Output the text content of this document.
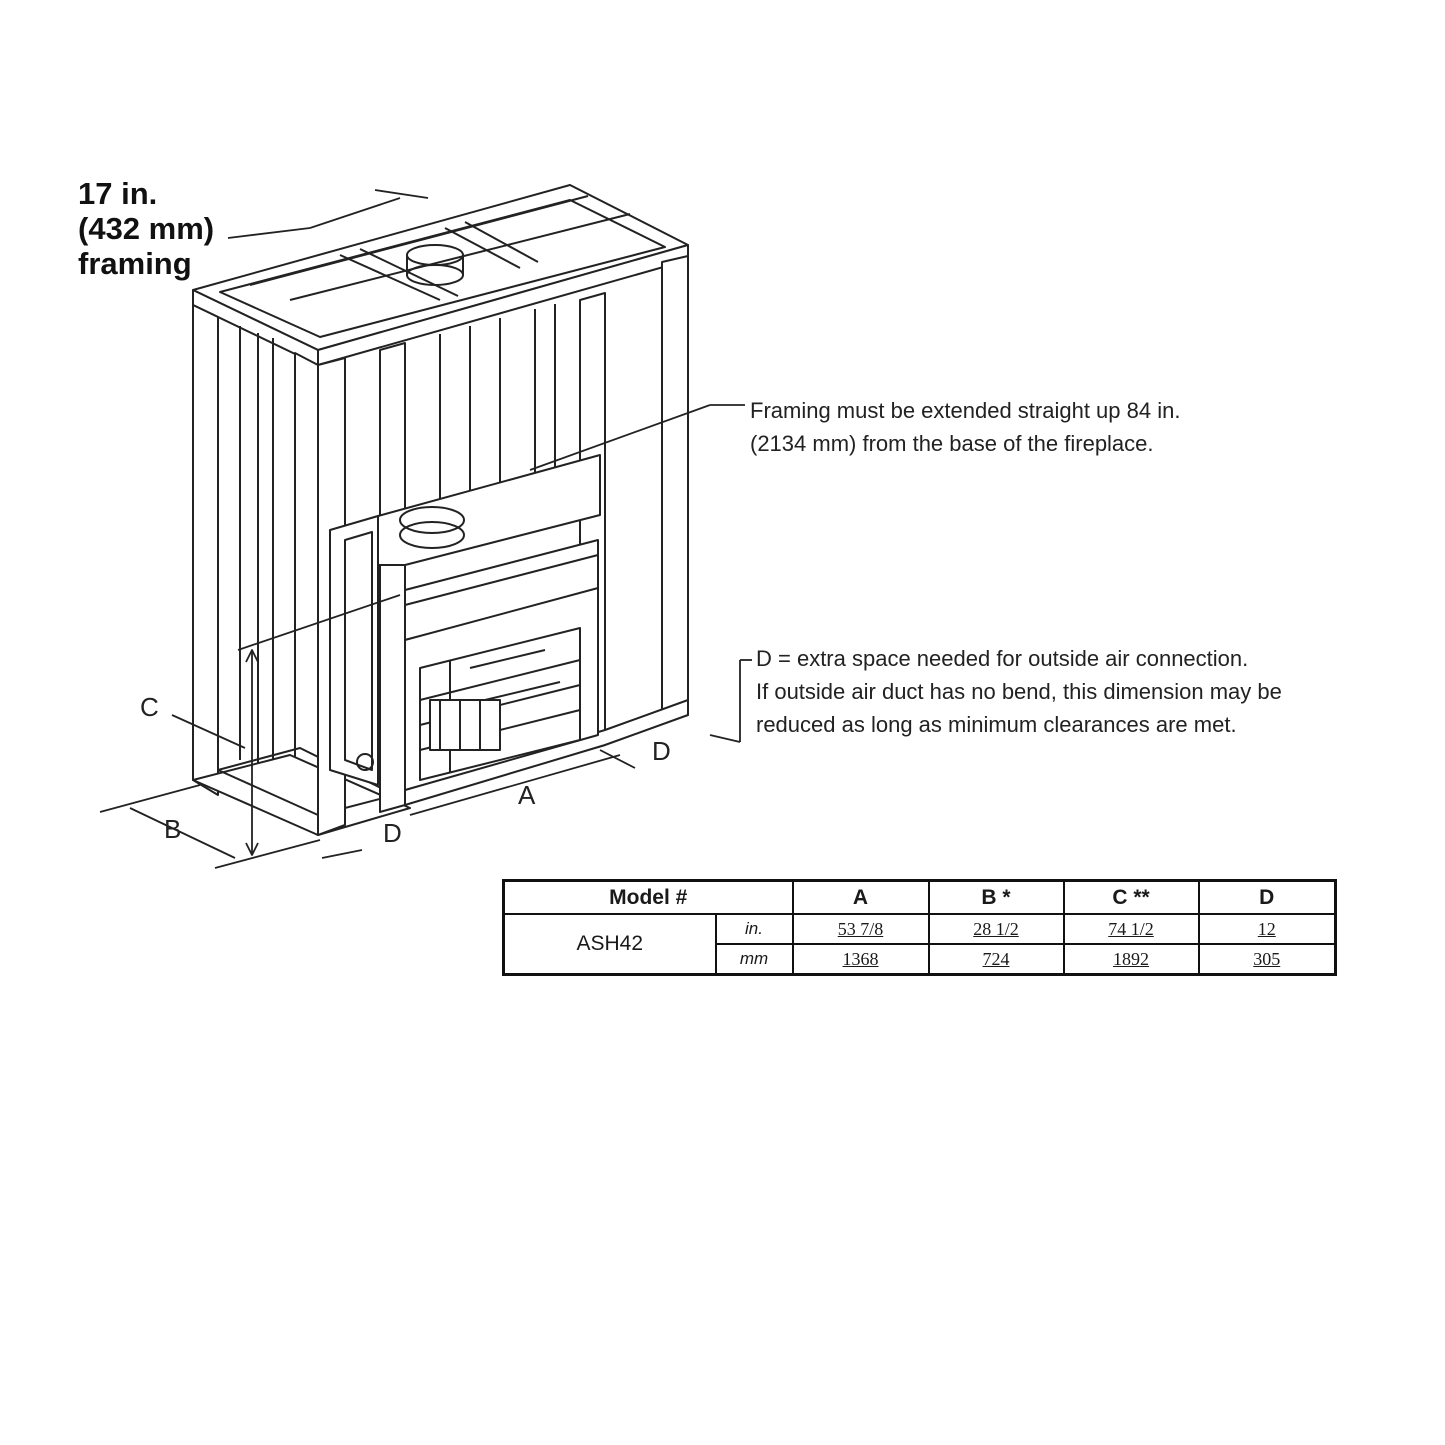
C
B	D
A
D
17 in.
(432 mm)
framing
Framing must be extended straight up 84 in.
(2134 mm) from the base of the fireplace.
D = extra space needed for outside air connection.
If outside air duct has no bend, this dimension may be
reduced as long as minimum clearances are met.
Model #		A	B *	C **	D
ASH42	in.	53 7/8	28 1/2	74 1/2	12
	mm	1368	724	1892	305
